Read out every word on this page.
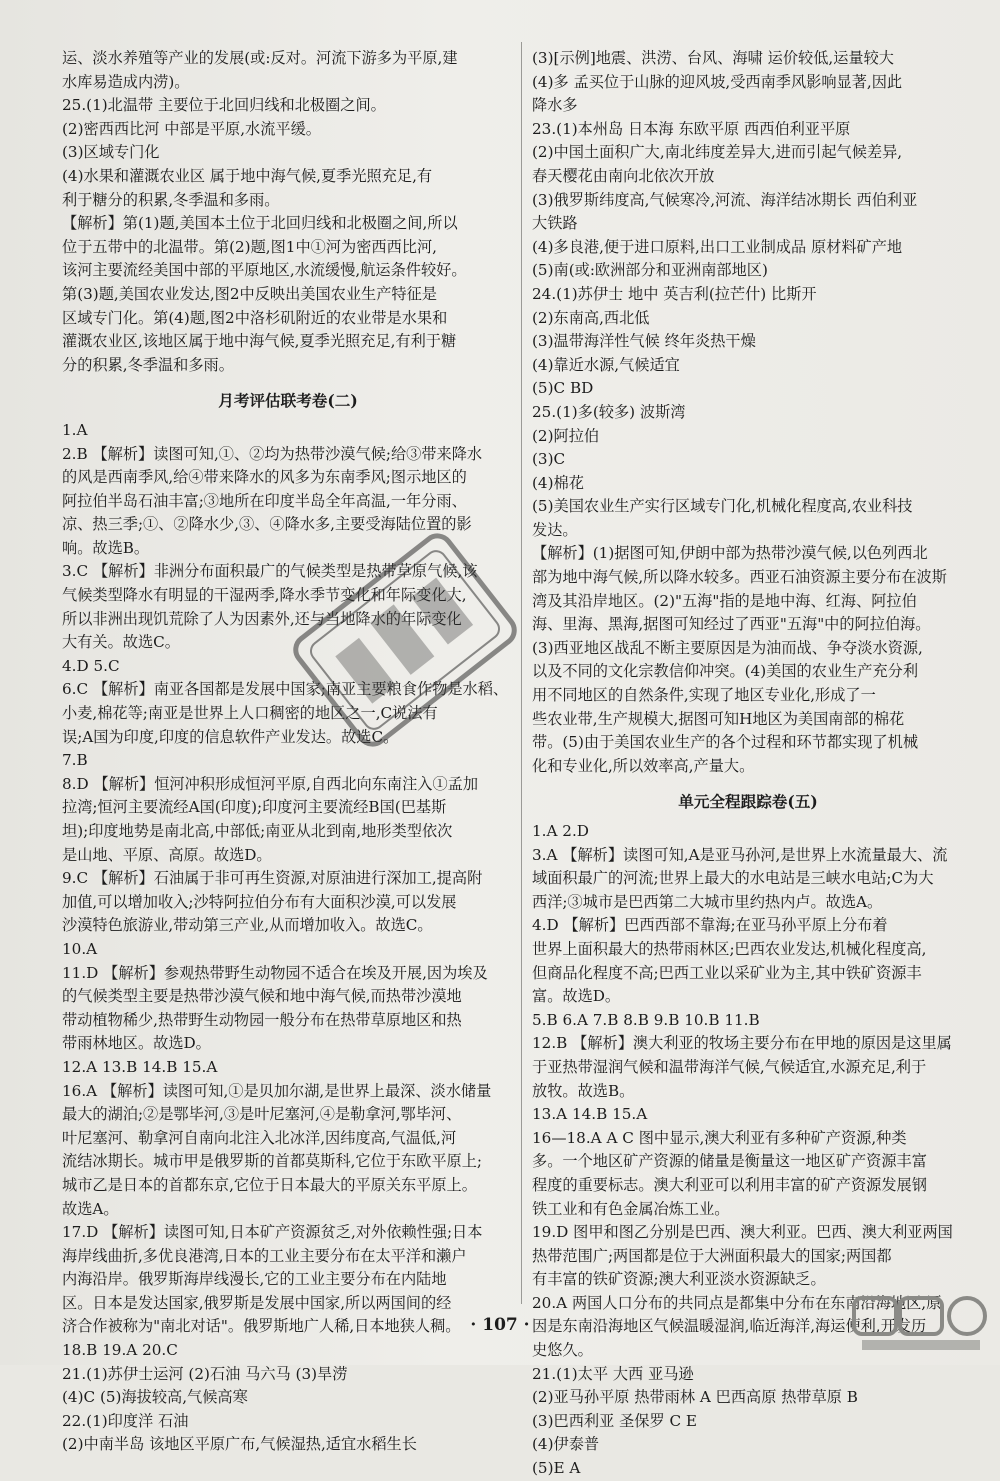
运、淡水养殖等产业的发展(或:反对。河流下游多为平原,建
水库易造成内涝)。
25.(1)北温带 主要位于北回归线和北极圈之间。
(2)密西西比河 中部是平原,水流平缓。
(3)区域专门化
(4)水果和灌溉农业区 属于地中海气候,夏季光照充足,有
利于糖分的积累,冬季温和多雨。
【解析】第(1)题,美国本土位于北回归线和北极圈之间,所以
位于五带中的北温带。第(2)题,图1中①河为密西西比河,
该河主要流经美国中部的平原地区,水流缓慢,航运条件较好。
第(3)题,美国农业发达,图2中反映出美国农业生产特征是
区域专门化。第(4)题,图2中洛杉矶附近的农业带是水果和
灌溉农业区,该地区属于地中海气候,夏季光照充足,有利于糖
分的积累,冬季温和多雨。
月考评估联考卷(二)
1.A
2.B 【解析】读图可知,①、②均为热带沙漠气候;给③带来降水
的风是西南季风,给④带来降水的风多为东南季风;图示地区的
阿拉伯半岛石油丰富;③地所在印度半岛全年高温,一年分雨、
凉、热三季;①、②降水少,③、④降水多,主要受海陆位置的影
响。故选B。
3.C 【解析】非洲分布面积最广的气候类型是热带草原气候,该
气候类型降水有明显的干湿两季,降水季节变化和年际变化大,
所以非洲出现饥荒除了人为因素外,还与当地降水的年际变化
大有关。故选C。
4.D 5.C
6.C 【解析】南亚各国都是发展中国家;南亚主要粮食作物是水稻、
小麦,棉花等;南亚是世界上人口稠密的地区之一,C说法有
误;A国为印度,印度的信息软件产业发达。故选C。
7.B
8.D 【解析】恒河冲积形成恒河平原,自西北向东南注入①孟加
拉湾;恒河主要流经A国(印度);印度河主要流经B国(巴基斯
坦);印度地势是南北高,中部低;南亚从北到南,地形类型依次
是山地、平原、高原。故选D。
9.C 【解析】石油属于非可再生资源,对原油进行深加工,提高附
加值,可以增加收入;沙特阿拉伯分布有大面积沙漠,可以发展
沙漠特色旅游业,带动第三产业,从而增加收入。故选C。
10.A
11.D 【解析】参观热带野生动物园不适合在埃及开展,因为埃及
的气候类型主要是热带沙漠气候和地中海气候,而热带沙漠地
带动植物稀少,热带野生动物园一般分布在热带草原地区和热
带雨林地区。故选D。
12.A 13.B 14.B 15.A
16.A 【解析】读图可知,①是贝加尔湖,是世界上最深、淡水储量
最大的湖泊;②是鄂毕河,③是叶尼塞河,④是勒拿河,鄂毕河、
叶尼塞河、勒拿河自南向北注入北冰洋,因纬度高,气温低,河
流结冰期长。城市甲是俄罗斯的首都莫斯科,它位于东欧平原上;
城市乙是日本的首都东京,它位于日本最大的平原关东平原上。
故选A。
17.D 【解析】读图可知,日本矿产资源贫乏,对外依赖性强;日本
海岸线曲折,多优良港湾,日本的工业主要分布在太平洋和濑户
内海沿岸。俄罗斯海岸线漫长,它的工业主要分布在内陆地
区。日本是发达国家,俄罗斯是发展中国家,所以两国间的经
济合作被称为"南北对话"。俄罗斯地广人稀,日本地狭人稠。
18.B 19.A 20.C
21.(1)苏伊士运河 (2)石油 马六马 (3)旱涝
(4)C (5)海拔较高,气候高寒
22.(1)印度洋 石油
(2)中南半岛 该地区平原广布,气候湿热,适宜水稻生长
(3)[示例]地震、洪涝、台风、海啸 运价较低,运量较大
(4)多 孟买位于山脉的迎风坡,受西南季风影响显著,因此
降水多
23.(1)本州岛 日本海 东欧平原 西西伯利亚平原
(2)中国土面积广大,南北纬度差异大,进而引起气候差异,
春天樱花由南向北依次开放
(3)俄罗斯纬度高,气候寒冷,河流、海洋结冰期长 西伯利亚
大铁路
(4)多良港,便于进口原料,出口工业制成品 原材料矿产地
(5)南(或:欧洲部分和亚洲南部地区)
24.(1)苏伊士 地中 英吉利(拉芒什) 比斯开
(2)东南高,西北低
(3)温带海洋性气候 终年炎热干燥
(4)靠近水源,气候适宜
(5)C BD
25.(1)多(较多) 波斯湾
(2)阿拉伯
(3)C
(4)棉花
(5)美国农业生产实行区域专门化,机械化程度高,农业科技
发达。
【解析】(1)据图可知,伊朗中部为热带沙漠气候,以色列西北
部为地中海气候,所以降水较多。西亚石油资源主要分布在波斯
湾及其沿岸地区。(2)"五海"指的是地中海、红海、阿拉伯
海、里海、黑海,据图可知经过了西亚"五海"中的阿拉伯海。
(3)西亚地区战乱不断主要原因是为油而战、争夺淡水资源,
以及不同的文化宗教信仰冲突。(4)美国的农业生产充分利
用不同地区的自然条件,实现了地区专业化,形成了一
些农业带,生产规模大,据图可知H地区为美国南部的棉花
带。(5)由于美国农业生产的各个过程和环节都实现了机械
化和专业化,所以效率高,产量大。
单元全程跟踪卷(五)
1.A 2.D
3.A 【解析】读图可知,A是亚马孙河,是世界上水流量最大、流
域面积最广的河流;世界上最大的水电站是三峡水电站;C为大
西洋;③城市是巴西第二大城市里约热内卢。故选A。
4.D 【解析】巴西西部不靠海;在亚马孙平原上分布着
世界上面积最大的热带雨林区;巴西农业发达,机械化程度高,
但商品化程度不高;巴西工业以采矿业为主,其中铁矿资源丰
富。故选D。
5.B 6.A 7.B 8.B 9.B 10.B 11.B
12.B 【解析】澳大利亚的牧场主要分布在甲地的原因是这里属
于亚热带湿润气候和温带海洋气候,气候适宜,水源充足,利于
放牧。故选B。
13.A 14.B 15.A
16—18.A A C 图中显示,澳大利亚有多种矿产资源,种类
多。一个地区矿产资源的储量是衡量这一地区矿产资源丰富
程度的重要标志。澳大利亚可以利用丰富的矿产资源发展钢
铁工业和有色金属冶炼工业。
19.D 图甲和图乙分别是巴西、澳大利亚。巴西、澳大利亚两国
热带范围广;两国都是位于大洲面积最大的国家;两国都
有丰富的铁矿资源;澳大利亚淡水资源缺乏。
20.A 两国人口分布的共同点是都集中分布在东南沿海地区,原
因是东南沿海地区气候温暖湿润,临近海洋,海运便利,开发历
史悠久。
21.(1)太平 大西 亚马逊
(2)亚马孙平原 热带雨林 A 巴西高原 热带草原 B
(3)巴西利亚 圣保罗 C E
(4)伊泰普
(5)E A
· 107 ·
